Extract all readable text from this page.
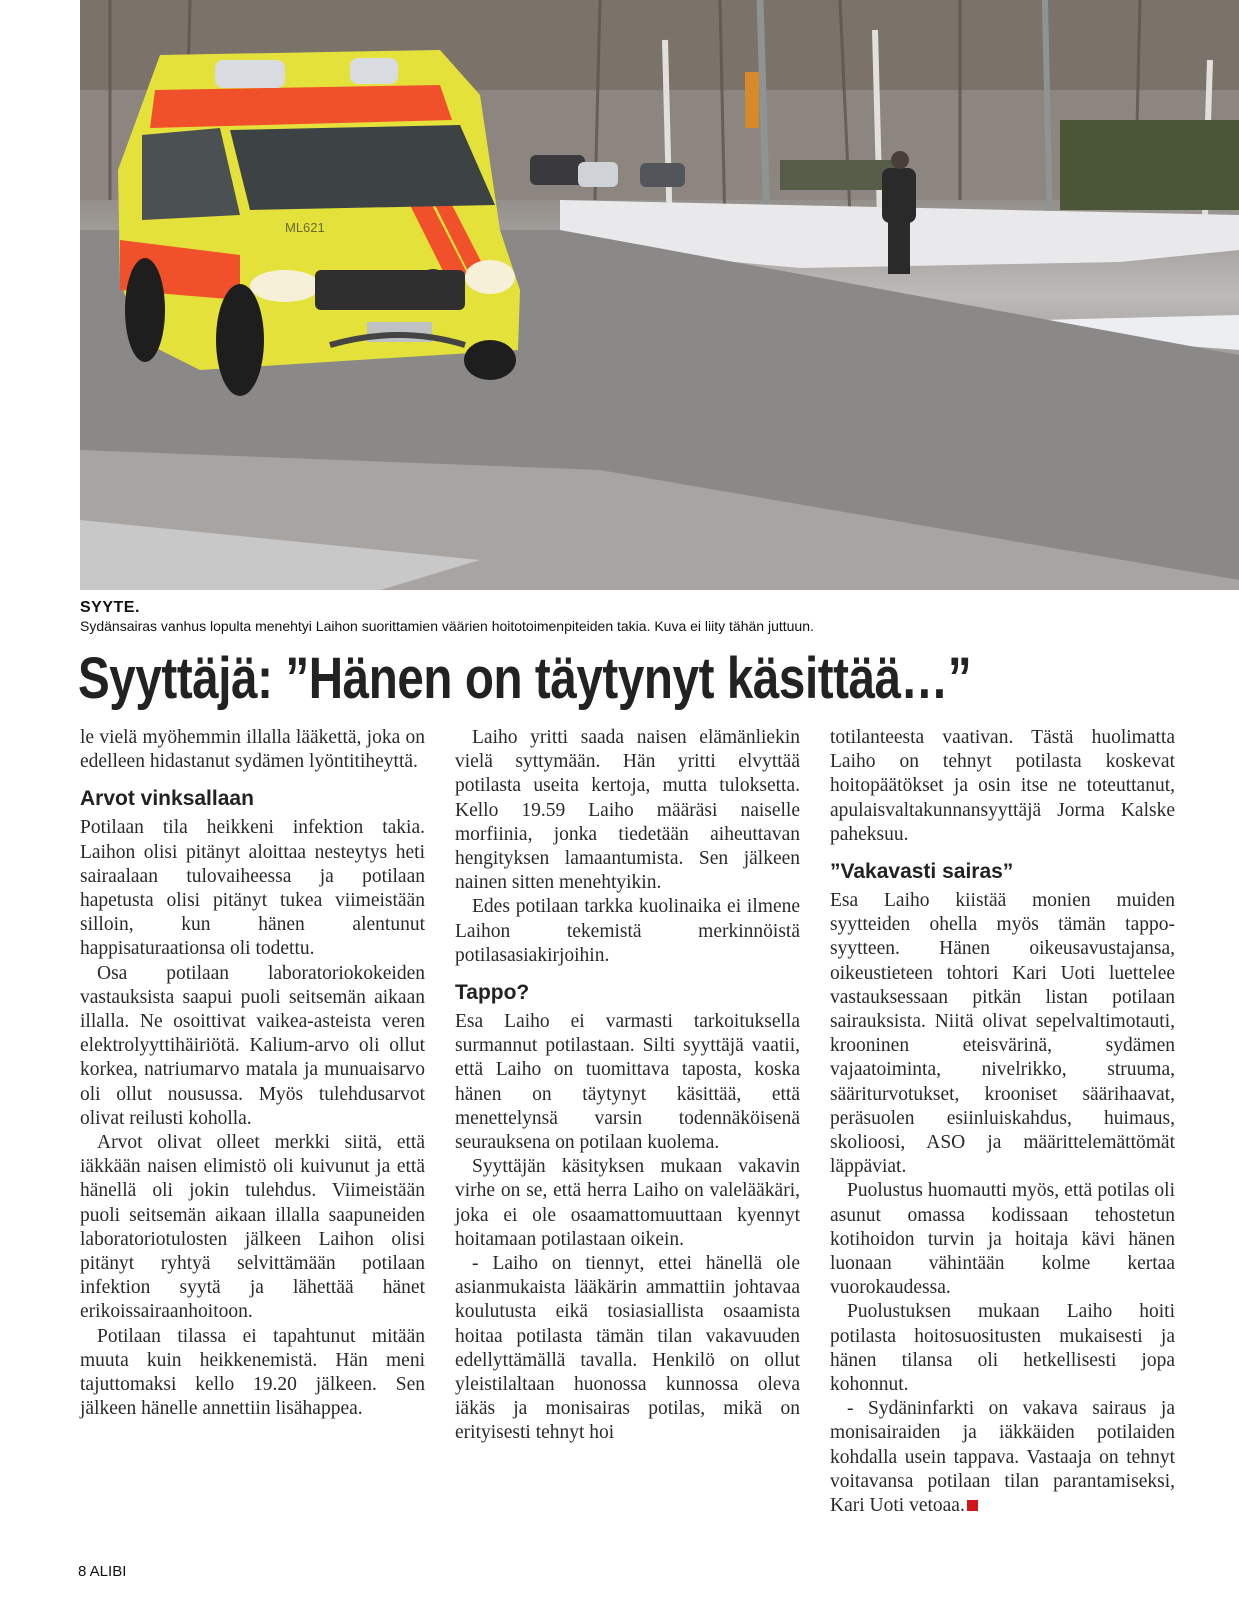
ML621
SYYTE.
Sydänsairas vanhus lopulta menehtyi Laihon suorittamien väärien hoitotoimenpiteiden takia. Kuva ei liity tähän juttuun.
Syyttäjä: ”Hänen on täytynyt käsittää…”

le vielä myöhemmin illalla lääkettä, joka on edelleen hidastanut sydämen lyöntitiheyttä.

Arvot vinksallaan

Potilaan tila heikkeni infektion takia. Laihon olisi pitänyt aloittaa nesteytys heti sairaalaan tulovaiheessa ja potilaan hapetusta olisi pitänyt tukea viimeistään silloin, kun hänen alentunut happisaturaationsa oli todettu.

Osa potilaan laboratoriokokeiden vastauksista saapui puoli seitsemän aikaan illalla. Ne osoittivat vaikea-asteista veren elektrolyyttihäiriötä. Kalium-arvo oli ollut korkea, natriumarvo matala ja munuaisarvo oli ollut nousussa. Myös tulehdusarvot olivat reilusti koholla.

Arvot olivat olleet merkki siitä, että iäkkään naisen elimistö oli kuivunut ja että hänellä oli jokin tulehdus. Viimeistään puoli seitsemän aikaan illalla saapuneiden laboratoriotulosten jälkeen Laihon olisi pitänyt ryhtyä selvittämään potilaan infektion syytä ja lähettää hänet erikoissairaanhoitoon.

Potilaan tilassa ei tapahtunut mitään muuta kuin heikkenemistä. Hän meni tajuttomaksi kello 19.20 jälkeen. Sen jälkeen hänelle annettiin lisähappea.

Laiho yritti saada naisen elämänliekin vielä syttymään. Hän yritti elvyttää potilasta useita kertoja, mutta tuloksetta. Kello 19.59 Laiho määräsi naiselle morfiinia, jonka tiedetään aiheuttavan hengityksen lamaantumista. Sen jälkeen nainen sitten menehtyikin.

Edes potilaan tarkka kuolinaika ei ilmene Laihon tekemistä merkinnöistä potilasasiakirjoihin.

Tappo?

Esa Laiho ei varmasti tarkoituksella surmannut potilastaan. Silti syyttäjä vaatii, että Laiho on tuomittava taposta, koska hänen on täytynyt käsittää, että menettelynsä varsin todennäköisenä seurauksena on potilaan kuolema.

Syyttäjän käsityksen mukaan vakavin virhe on se, että herra Laiho on valelääkäri, joka ei ole osaamattomuuttaan kyennyt hoitamaan potilastaan oikein.

- Laiho on tiennyt, ettei hänellä ole asianmukaista lääkärin ammattiin johtavaa koulutusta eikä tosiasiallista osaamista hoitaa potilasta tämän tilan vakavuuden edellyttämällä tavalla. Henkilö on ollut yleistilaltaan huonossa kunnossa oleva iäkäs ja monisairas potilas, mikä on erityisesti tehnyt hoi

totilanteesta vaativan. Tästä huolimatta Laiho on tehnyt potilasta koskevat hoitopäätökset ja osin itse ne toteuttanut, apulaisvaltakunnansyyttäjä Jorma Kalske paheksuu.

”Vakavasti sairas”

Esa Laiho kiistää monien muiden syytteiden ohella myös tämän tapposyytteen. Hänen oikeusavustajansa, oikeustieteen tohtori Kari Uoti luettelee vastauksessaan pitkän listan potilaan sairauksista. Niitä olivat sepelvaltimotauti, krooninen eteisvärinä, sydämen vajaatoiminta, nivelrikko, struuma, sääriturvotukset, krooniset säärihaavat, peräsuolen esiinluiskahdus, huimaus, skolioosi, ASO ja määrittelemättömät läppäviat.

Puolustus huomautti myös, että potilas oli asunut omassa kodissaan tehostetun kotihoidon turvin ja hoitaja kävi hänen luonaan vähintään kolme kertaa vuorokaudessa.

Puolustuksen mukaan Laiho hoiti potilasta hoitosuositusten mukaisesti ja hänen tilansa oli hetkellisesti jopa kohonnut.

- Sydäninfarkti on vakava sairaus ja monisairaiden ja iäkkäiden potilaiden kohdalla usein tappava. Vastaaja on tehnyt voitavansa potilaan tilan parantamiseksi, Kari Uoti vetoaa.

8 ALIBI
